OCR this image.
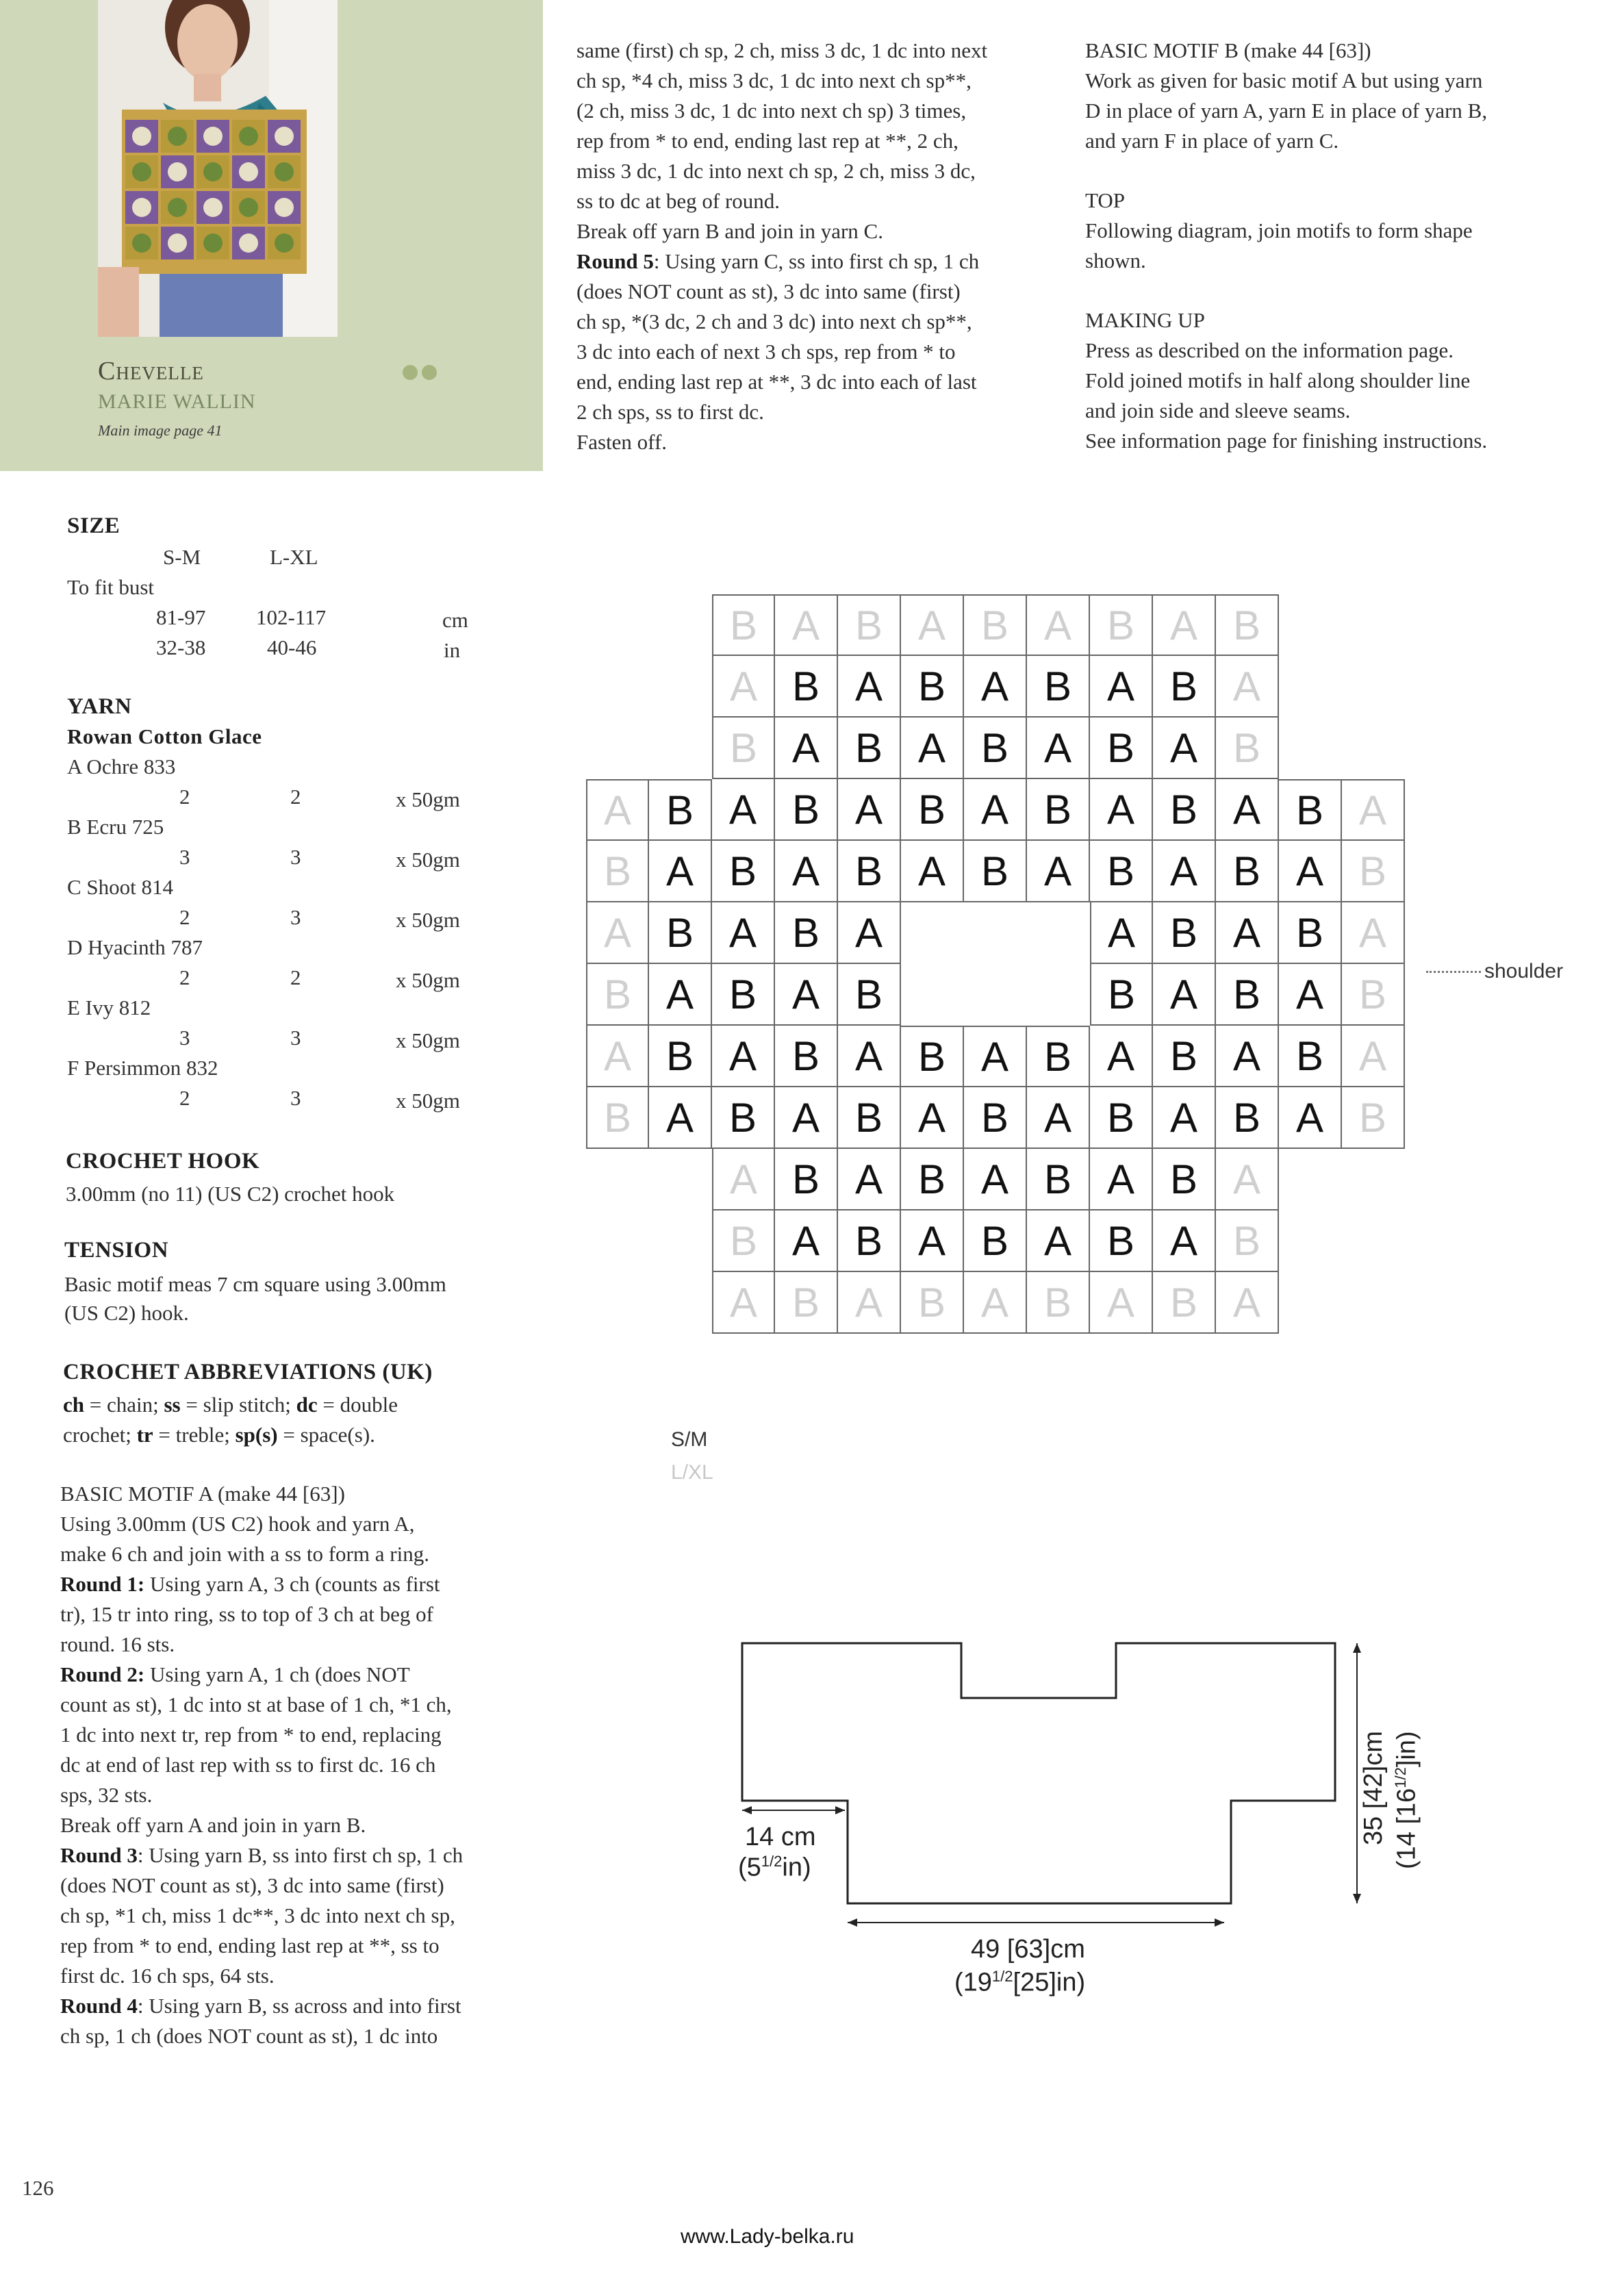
Chevelle
MARIE WALLIN
Main image page 41

same (first) ch sp, 2 ch, miss 3 dc, 1 dc into next

ch sp, *4 ch, miss 3 dc, 1 dc into next ch sp**,

(2 ch, miss 3 dc, 1 dc into next ch sp) 3 times,

rep from * to end, ending last rep at **, 2 ch,

miss 3 dc, 1 dc into next ch sp, 2 ch, miss 3 dc,

ss to dc at beg of round.

Break off yarn B and join in yarn C.

Round 5: Using yarn C, ss into first ch sp, 1 ch

(does NOT count as st), 3 dc into same (first)

ch sp, *(3 dc, 2 ch and 3 dc) into next ch sp**,

3 dc into each of next 3 ch sps, rep from * to

end, ending last rep at **, 3 dc into each of last

2 ch sps, ss to first dc.

Fasten off.

BASIC MOTIF B (make 44 [63])

Work as given for basic motif A but using yarn

D in place of yarn A, yarn E in place of yarn B,

and yarn F in place of yarn C.

TOP

Following diagram, join motifs to form shape

shown.

MAKING UP

Press as described on the information page.

Fold joined motifs in half along shoulder line

and join side and sleeve seams.

See information page for finishing instructions.

SIZE
S-M	L-XL
To fit bust
81-97 102-117	cm
32-38	40-46	in
YARN
Rowan Cotton Glace
A Ochre 833
2	2	x 50gm
B Ecru 725
3	3	x 50gm
C Shoot 814
2	3	x 50gm
D Hyacinth 787
2	2	x 50gm
E Ivy 812
3	3	x 50gm
F Persimmon 832
2	3	x 50gm
CROCHET HOOK
3.00mm (no 11) (US C2) crochet hook
TENSION
Basic motif meas 7 cm square using 3.00mm
(US C2) hook.
CROCHET ABBREVIATIONS (UK)
ch = chain; ss = slip stitch; dc = double
crochet; tr = treble; sp(s) = space(s).

BASIC MOTIF A (make 44 [63])

Using 3.00mm (US C2) hook and yarn A,

make 6 ch and join with a ss to form a ring.

Round 1: Using yarn A, 3 ch (counts as first

tr), 15 tr into ring, ss to top of 3 ch at beg of

round. 16 sts.

Round 2: Using yarn A, 1 ch (does NOT

count as st), 1 dc into st at base of 1 ch, *1 ch,

1 dc into next tr, rep from * to end, replacing

dc at end of last rep with ss to first dc. 16 ch

sps, 32 sts.

Break off yarn A and join in yarn B.

Round 3: Using yarn B, ss into first ch sp, 1 ch

(does NOT count as st), 3 dc into same (first)

ch sp, *1 ch, miss 1 dc**, 3 dc into next ch sp,

rep from * to end, ending last rep at **, ss to

first dc. 16 ch sps, 64 sts.

Round 4: Using yarn B, ss across and into first

ch sp, 1 ch (does NOT count as st), 1 dc into

B A B A B A B A B
A B A B A B A B A
B A B A B A B A B
A B A B A B A B A B A B A
B A B A B A B A B A B A B
A B A B A	A B A B A
B A B A B	B A B A B
A B A B A B A B A B A B A
B A B A B A B A B A B A B
A B A B A B A B A
B A B A B A B A B
A B A B A B A B A
shoulder
S/M
L/XL
14 cm
$(5^{1/2}in)$
49 [63]cm
$(19^{1/2}[25]in)$
35 [42]cm (14 $[16^{1/2}]in$)
126
www.Lady-belka.ru
